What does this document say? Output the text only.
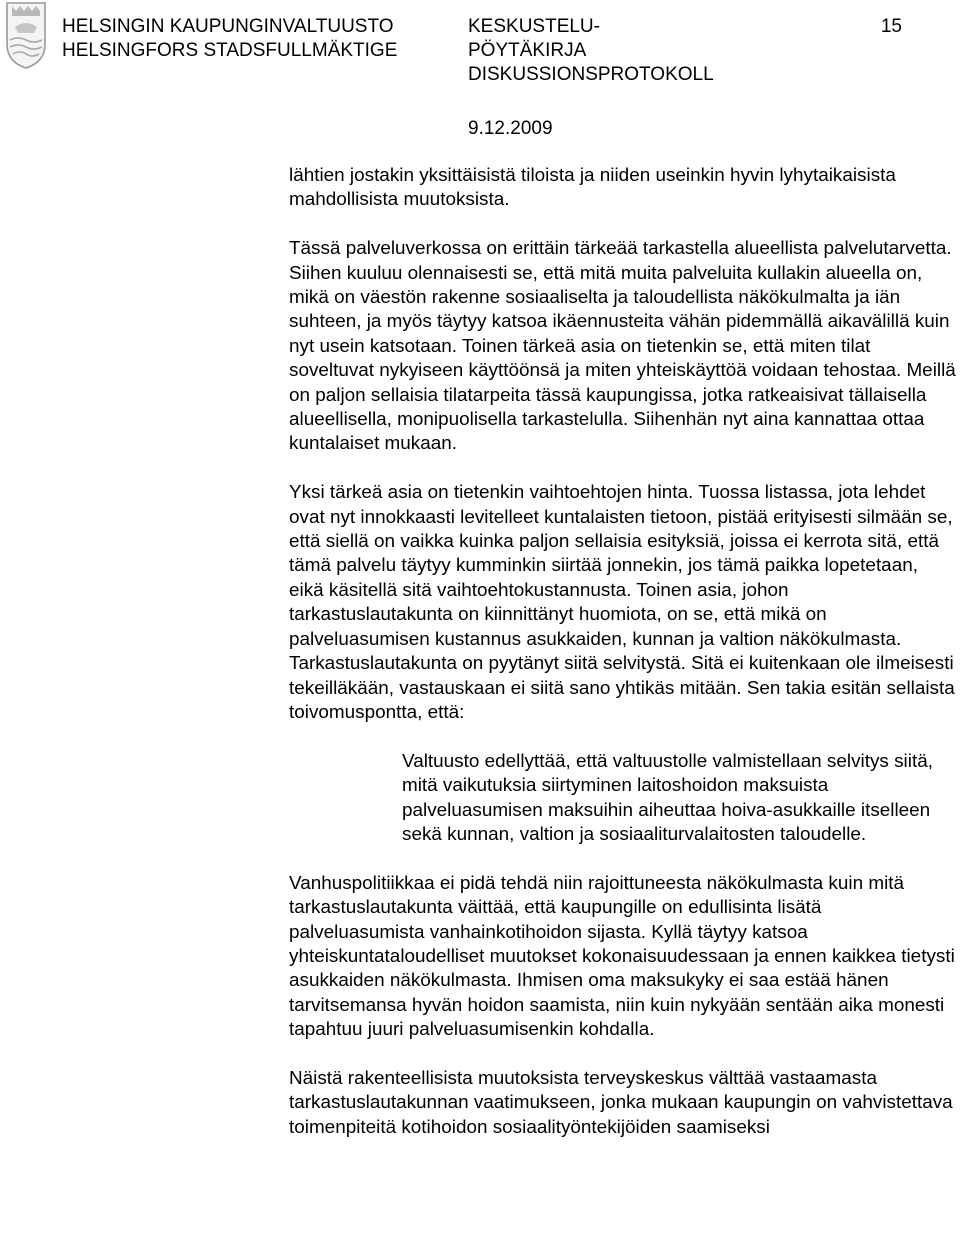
HELSINGIN KAUPUNGINVALTUUSTO
HELSINGFORS STADSFULLMÄKTIGE
KESKUSTELU-
PÖYTÄKIRJA
DISKUSSIONSPROTOKOLL
15
9.12.2009

lähtien jostakin yksittäisistä tiloista ja niiden useinkin hyvin lyhytaikaisista mahdollisista muutoksista.

Tässä palveluverkossa on erittäin tärkeää tarkastella alueellista palvelutarvetta. Siihen kuuluu olennaisesti se, että mitä muita palveluita kullakin alueella on, mikä on väestön rakenne sosiaaliselta ja taloudellista näkökulmalta ja iän suhteen, ja myös täytyy katsoa ikäennusteita vähän pidemmällä aikavälillä kuin nyt usein katsotaan. Toinen tärkeä asia on tietenkin se, että miten tilat soveltuvat nykyiseen käyttöönsä ja miten yhteiskäyttöä voidaan tehostaa. Meillä on paljon sellaisia tilatarpeita tässä kaupungissa, jotka ratkeaisivat tällaisella alueellisella, monipuolisella tarkastelulla. Siihenhän nyt aina kannattaa ottaa kuntalaiset mukaan.

Yksi tärkeä asia on tietenkin vaihtoehtojen hinta. Tuossa listassa, jota lehdet ovat nyt innokkaasti levitelleet kuntalaisten tietoon, pistää erityisesti silmään se, että siellä on vaikka kuinka paljon sellaisia esityksiä, joissa ei kerrota sitä, että tämä palvelu täytyy kumminkin siirtää jonnekin, jos tämä paikka lopetetaan, eikä käsitellä sitä vaihtoehtokustannusta. Toinen asia, johon tarkastuslautakunta on kiinnittänyt huomiota, on se, että mikä on palveluasumisen kustannus asukkaiden, kunnan ja valtion näkökulmasta. Tarkastuslautakunta on pyytänyt siitä selvitystä. Sitä ei kuitenkaan ole ilmeisesti tekeilläkään, vastauskaan ei siitä sano yhtikäs mitään. Sen takia esitän sellaista toivomuspontta, että:

Valtuusto edellyttää, että valtuustolle valmistellaan selvitys siitä, mitä vaikutuksia siirtyminen laitoshoidon maksuista palveluasumisen maksuihin aiheuttaa hoiva-asukkaille itselleen sekä kunnan, valtion ja sosiaaliturvalaitosten taloudelle.

Vanhuspolitiikkaa ei pidä tehdä niin rajoittuneesta näkökulmasta kuin mitä tarkastuslautakunta väittää, että kaupungille on edullisinta lisätä palveluasumista vanhainkotihoidon sijasta. Kyllä täytyy katsoa yhteiskuntataloudelliset muutokset kokonaisuudessaan ja ennen kaikkea tietysti asukkaiden näkökulmasta. Ihmisen oma maksukyky ei saa estää hänen tarvitsemansa hyvän hoidon saamista, niin kuin nykyään sentään aika monesti tapahtuu juuri palveluasumisenkin kohdalla.

Näistä rakenteellisista muutoksista terveyskeskus välttää vastaamasta tarkastuslautakunnan vaatimukseen, jonka mukaan kaupungin on vahvistettava toimenpiteitä kotihoidon sosiaalityöntekijöiden saamiseksi
